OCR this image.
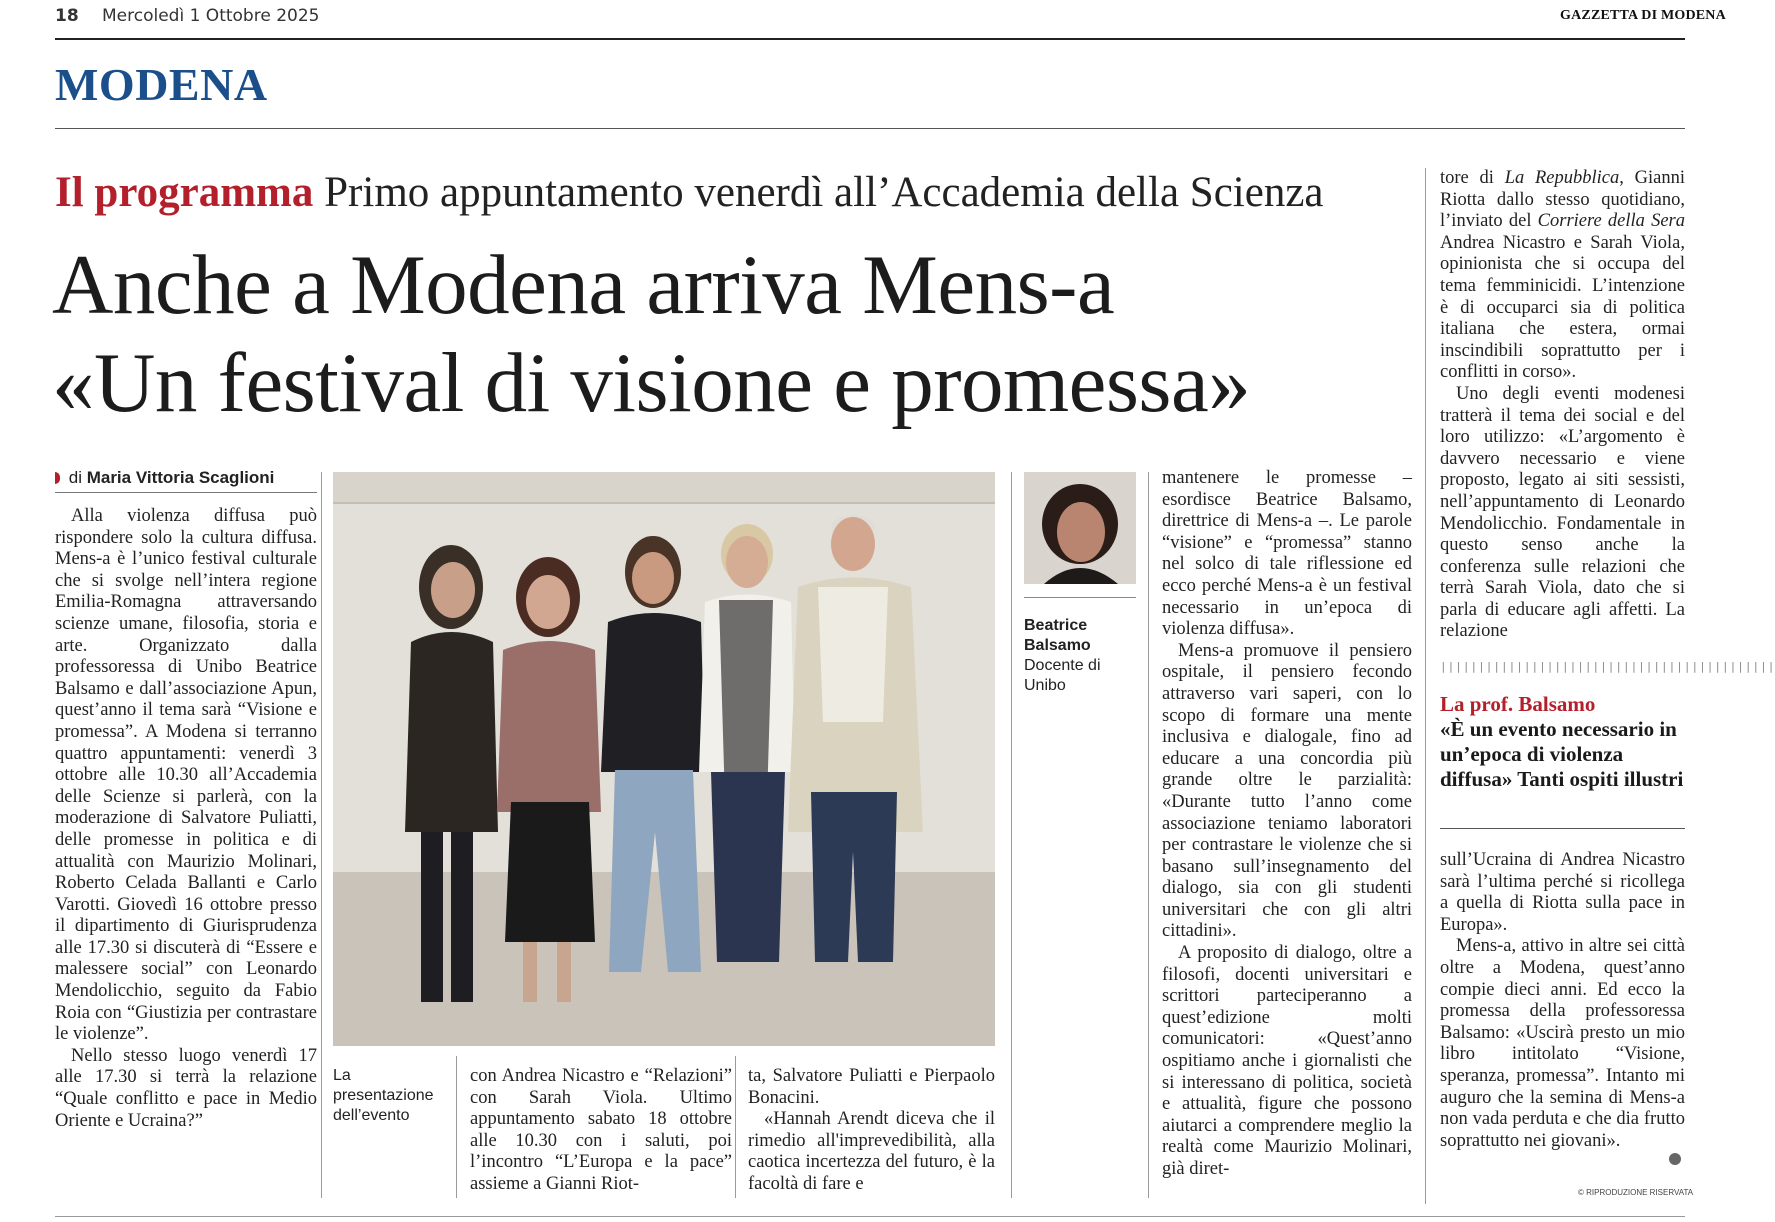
18 Mercoledì 1 Ottobre 2025	GAZZETTA DI MODENA
MODENA
Il programma Primo appuntamento venerdì all’Accademia della Scienza
Anche a Modena arriva Mens-a
«Un festival di visione e promessa»
di Maria Vittoria Scaglioni

Alla violenza diffusa può rispondere solo la cultura diffusa. Mens-a è l’unico festival culturale che si svolge nell’intera regione Emilia-Romagna attraversando scienze umane, filosofia, storia e arte. Organizzato dalla professoressa di Unibo Beatrice Balsamo e dall’associazione Apun, quest’anno il tema sarà “Visione e promessa”. A Modena si terranno quattro appuntamenti: venerdì 3 ottobre alle 10.30 all’Accademia delle Scienze si parlerà, con la moderazione di Salvatore Puliatti, delle promesse in politica e di attualità con Maurizio Molinari, Roberto Celada Ballanti e Carlo Varotti. Giovedì 16 ottobre presso il dipartimento di Giurisprudenza alle 17.30 si discuterà di “Essere e malessere social” con Leonardo Mendolicchio, seguito da Fabio Roia con “Giustizia per contrastare le violenze”.

Nello stesso luogo venerdì 17 alle 17.30 si terrà la relazione “Quale conflitto e pace in Medio Oriente e Ucraina?”

La presentazione dell’evento

con Andrea Nicastro e “Relazioni” con Sarah Viola. Ultimo appuntamento sabato 18 ottobre alle 10.30 con i saluti, poi l’incontro “L’Europa e la pace” assieme a Gianni Riot-

ta, Salvatore Puliatti e Pierpaolo Bonacini.

«Hannah Arendt diceva che il rimedio all'imprevedibilità, alla caotica incertezza del futuro, è la facoltà di fare e

Beatrice Balsamo
Docente di Unibo

mantenere le promesse – esordisce Beatrice Balsamo, direttrice di Mens-a –. Le parole “visione” e “promessa” stanno nel solco di tale riflessione ed ecco perché Mens-a è un festival necessario in un’epoca di violenza diffusa».

Mens-a promuove il pensiero ospitale, il pensiero fecondo attraverso vari saperi, con lo scopo di formare una mente inclusiva e dialogale, fino ad educare a una concordia più grande oltre le parzialità: «Durante tutto l’anno come associazione teniamo laboratori per contrastare le violenze che si basano sull’insegnamento del dialogo, sia con gli studenti universitari che con gli altri cittadini».

A proposito di dialogo, oltre a filosofi, docenti universitari e scrittori parteciperanno a quest’edizione molti comunicatori: «Quest’anno ospitiamo anche i giornalisti che si interessano di politica, società e attualità, figure che possono aiutarci a comprendere meglio la realtà come Maurizio Molinari, già diret-

tore di La Repubblica, Gianni Riotta dallo stesso quotidiano, l’inviato del Corriere della Sera Andrea Nicastro e Sarah Viola, opinionista che si occupa del tema femminicidi. L’intenzione è di occuparci sia di politica italiana che estera, ormai inscindibili soprattutto per i conflitti in corso».

Uno degli eventi modenesi tratterà il tema dei social e del loro utilizzo: «L’argomento è davvero necessario e viene proposto, legato ai siti sessisti, nell’appuntamento di Leonardo Mendolicchio. Fondamentale in questo senso anche la conferenza sulle relazioni che terrà Sarah Viola, dato che si parla di educare agli affetti. La relazione

||||||||||||||||||||||||||||||||||||||||||||
La prof. Balsamo
«È un evento necessario in un’epoca di violenza diffusa» Tanti ospiti illustri

sull’Ucraina di Andrea Nicastro sarà l’ultima perché si ricollega a quella di Riotta sulla pace in Europa».

Mens-a, attivo in altre sei città oltre a Modena, quest’anno compie dieci anni. Ed ecco la promessa della professoressa Balsamo: «Uscirà presto un mio libro intitolato “Visione, speranza, promessa”. Intanto mi auguro che la semina di Mens-a non vada perduta e che dia frutto soprattutto nei giovani».

© RIPRODUZIONE RISERVATA
